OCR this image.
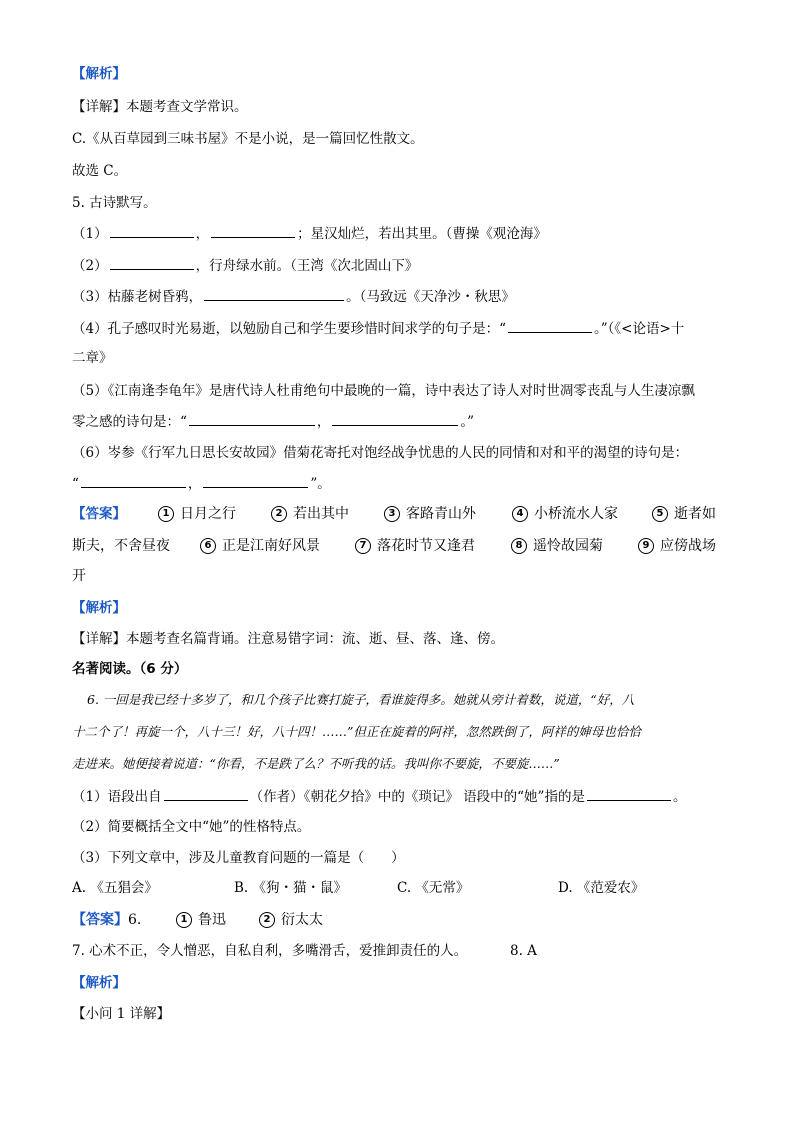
【解析】
【详解】本题考查文学常识。
C.《从百草园到三味书屋》不是小说，是一篇回忆性散文。
故选 C。
5. 古诗默写。
（1）	，	；星汉灿烂，若出其里。（曹操《观沧海》
（2）	，行舟绿水前。（王湾《次北固山下》
（3）枯藤老树昏鸦，	。（马致远《天净沙・秋思》
（4）孔子感叹时光易逝，以勉励自己和学生要珍惜时间求学的句子是：“	。”（《<论语>十
二章》
（5）《江南逢李龟年》是唐代诗人杜甫绝句中最晚的一篇，诗中表达了诗人对时世凋零丧乱与人生凄凉飘
零之感的诗句是：“	，	。”
（6）岑参《行军九日思长安故园》借菊花寄托对饱经战争忧患的人民的同情和对和平的渴望的诗句是：
“	，	”。
【答案】	1 日月之行	2 若出其中	3 客路青山外	4 小桥流水人家	5 逝者如
斯夫，不舍昼夜	6 正是江南好风景	7 落花时节又逢君	8 遥怜故园菊	9 应傍战场
开
【解析】
【详解】本题考查名篇背诵。注意易错字词：流、逝、昼、落、逢、傍。
名著阅读。（6 分）
6. 一回是我已经十多岁了，和几个孩子比赛打旋子，看谁旋得多。她就从旁计着数，说道，“好，八
十二个了！再旋一个，八十三！好，八十四！……”但正在旋着的阿祥，忽然跌倒了，阿祥的婶母也恰恰
走进来。她便接着说道：“你看，不是跌了么？不听我的话。我叫你不要旋，不要旋……”
（1）语段出自	（作者）《朝花夕拾》中的《琐记》 语段中的“她”指的是	。
（2）简要概括全文中“她”的性格特点。
（3）下列文章中，涉及儿童教育问题的一篇是（　　）
A. 《五猖会》	B. 《狗・猫・鼠》	C. 《无常》	D. 《范爱农》
【答案】6.	1 鲁迅	2 衍太太
7. 心术不正，令人憎恶，自私自利，多嘴滑舌，爱推卸责任的人。	8. A
【解析】
【小问 1 详解】
